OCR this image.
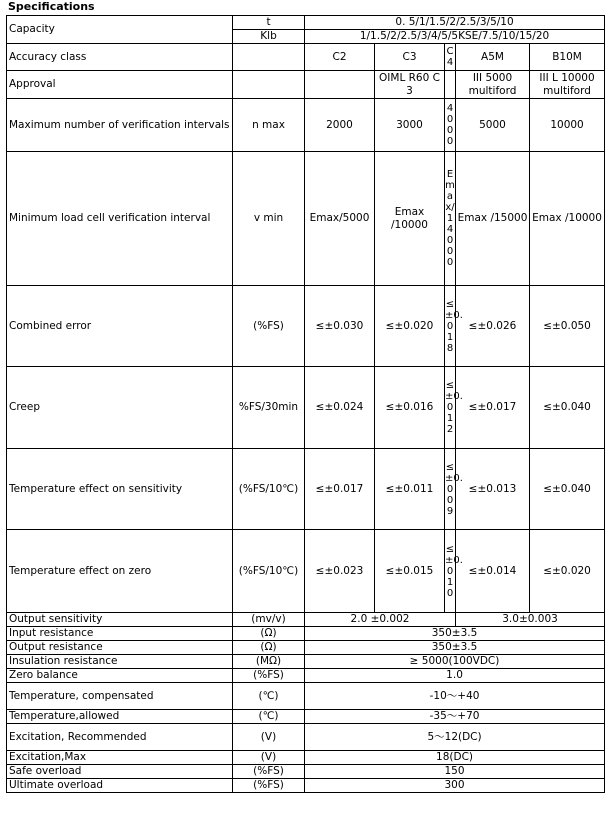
Specifications
Capacity	t	0. 5/1/1.5/2/2.5/3/5/10				
	Klb	1/1.5/2/2.5/3/4/5/5KSE/7.5/10/15/20				
Accuracy class		C2	C3	C 4	A5M	B10M
Approval			OIML R60 C 3		III 5000 multiford	III L 10000 multiford
Maximum number of verification intervals	n max	2000	3000	4000	5000	10000
Minimum load cell verification interval	v min	Emax/5000	Emax /10000	Emax/14000	Emax /15000	Emax /10000
Combined error	(%FS)	≤±0.030	≤±0.020	≤±0.018	≤±0.026	≤±0.050
Creep	%FS/30min	≤±0.024	≤±0.016	≤±0.012	≤±0.017	≤±0.040
Temperature effect on sensitivity	(%FS/10℃)	≤±0.017	≤±0.011	≤±0.009	≤±0.013	≤±0.040
Temperature effect on zero	(%FS/10℃)	≤±0.023	≤±0.015	≤±0.010	≤±0.014	≤±0.020
Output sensitivity	(mv/v)	2.0 ±0.002			3.0±0.003	
Input resistance	(Ω)	350±3.5				
Output resistance	(Ω)	350±3.5				
Insulation resistance	(MΩ)	≥ 5000(100VDC)				
Zero balance	(%FS)	1.0				
Temperature, compensated	(℃)	-10～+40				
Temperature,allowed	(℃)	-35～+70				
Excitation, Recommended	(V)	5～12(DC)				
Excitation,Max	(V)	18(DC)				
Safe overload	(%FS)	150				
Ultimate overload	(%FS)	300				
